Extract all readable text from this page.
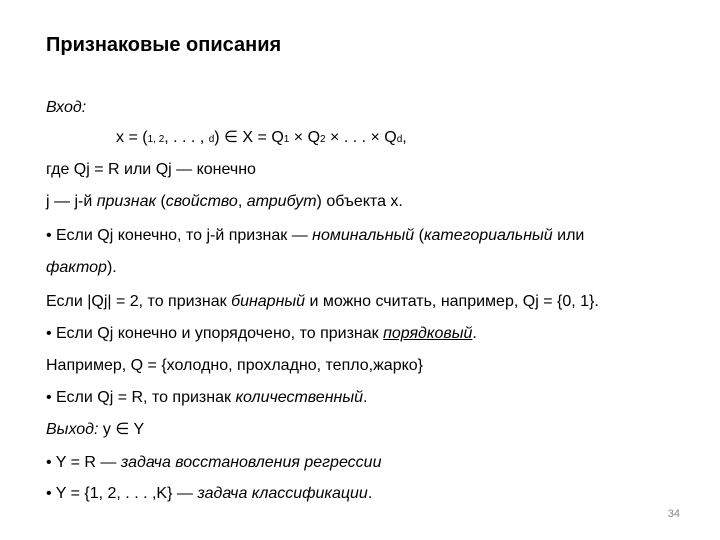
Признаковые описания
Вход:
x = (1, 2, . . . , d) ∈ X = Q1 × Q2 × . . . × Qd,
где Qj = R или Qj — конечно
j — j-й признак (свойство, атрибут) объекта x.
• Если Qj конечно, то j-й признак — номинальный (категориальный или
фактор).
Если |Qj| = 2, то признак бинарный и можно считать, например, Qj = {0, 1}.
• Если Qj конечно и упорядочено, то признак порядковый.
Например, Q = {холодно, прохладно, тепло,жарко}
• Если Qj = R, то признак количественный.
Выход: y ∈ Y
• Y = R — задача восстановления регрессии
• Y = {1, 2, . . . ,K} — задача классификации.
34
